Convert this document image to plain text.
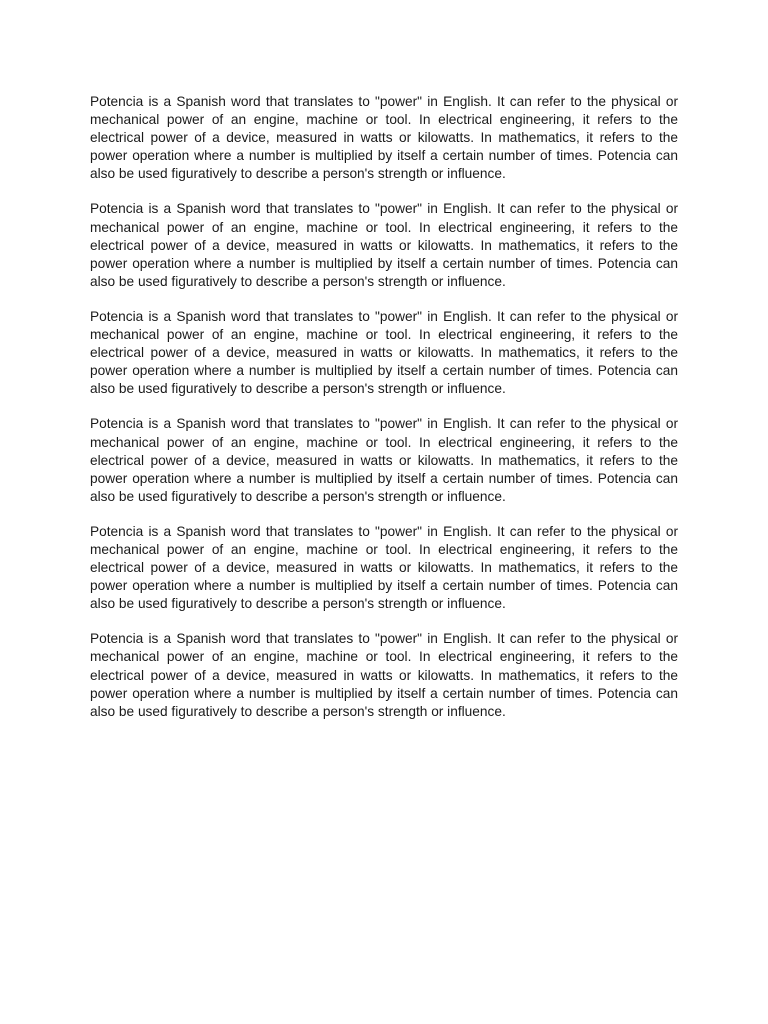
Potencia is a Spanish word that translates to "power" in English. It can refer to the physical or mechanical power of an engine, machine or tool. In electrical engineering, it refers to the electrical power of a device, measured in watts or kilowatts. In mathematics, it refers to the power operation where a number is multiplied by itself a certain number of times. Potencia can also be used figuratively to describe a person's strength or influence.

Potencia is a Spanish word that translates to "power" in English. It can refer to the physical or mechanical power of an engine, machine or tool. In electrical engineering, it refers to the electrical power of a device, measured in watts or kilowatts. In mathematics, it refers to the power operation where a number is multiplied by itself a certain number of times. Potencia can also be used figuratively to describe a person's strength or influence.

Potencia is a Spanish word that translates to "power" in English. It can refer to the physical or mechanical power of an engine, machine or tool. In electrical engineering, it refers to the electrical power of a device, measured in watts or kilowatts. In mathematics, it refers to the power operation where a number is multiplied by itself a certain number of times. Potencia can also be used figuratively to describe a person's strength or influence.

Potencia is a Spanish word that translates to "power" in English. It can refer to the physical or mechanical power of an engine, machine or tool. In electrical engineering, it refers to the electrical power of a device, measured in watts or kilowatts. In mathematics, it refers to the power operation where a number is multiplied by itself a certain number of times. Potencia can also be used figuratively to describe a person's strength or influence.

Potencia is a Spanish word that translates to "power" in English. It can refer to the physical or mechanical power of an engine, machine or tool. In electrical engineering, it refers to the electrical power of a device, measured in watts or kilowatts. In mathematics, it refers to the power operation where a number is multiplied by itself a certain number of times. Potencia can also be used figuratively to describe a person's strength or influence.

Potencia is a Spanish word that translates to "power" in English. It can refer to the physical or mechanical power of an engine, machine or tool. In electrical engineering, it refers to the electrical power of a device, measured in watts or kilowatts. In mathematics, it refers to the power operation where a number is multiplied by itself a certain number of times. Potencia can also be used figuratively to describe a person's strength or influence.
